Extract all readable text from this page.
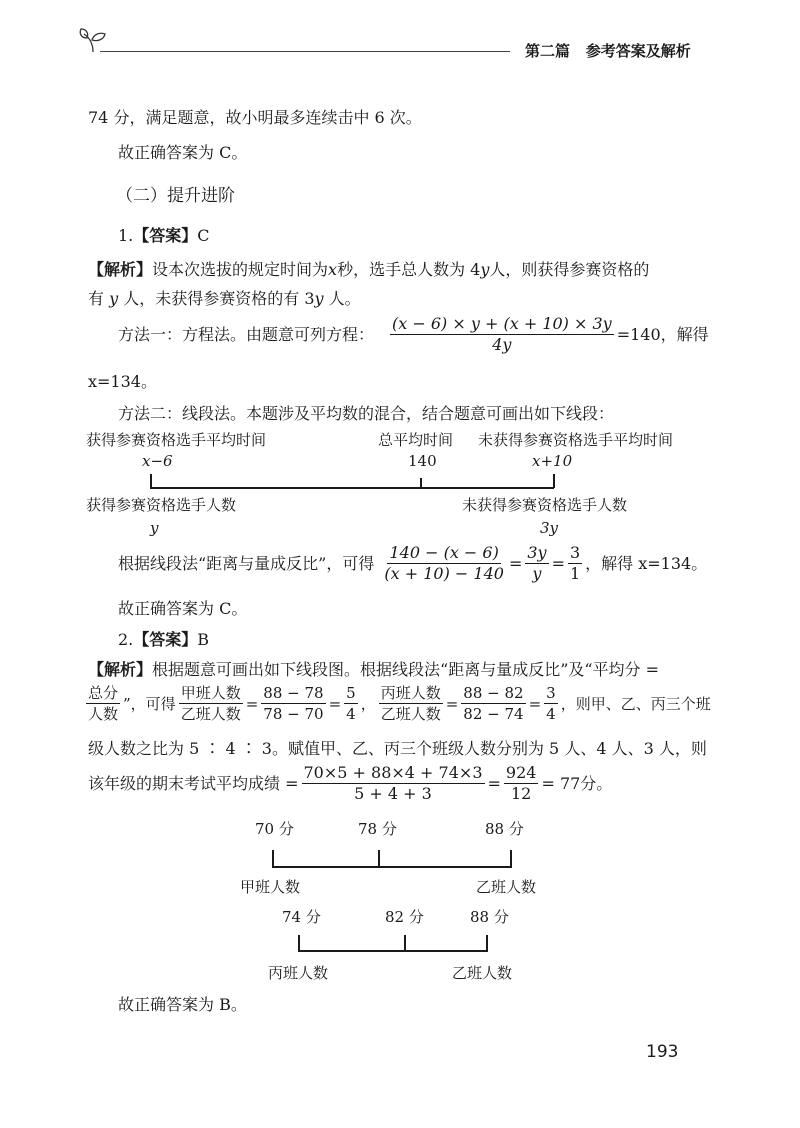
第二篇 参考答案及解析
74 分，满足题意，故小明最多连续击中 6 次。
故正确答案为 C。
（二）提升进阶
1.【答案】C
【解析】设本次选拔的规定时间为x秒，选手总人数为 4y人，则获得参赛资格的
有 y 人，未获得参赛资格的有 3y 人。
方法一：方程法。由题意可列方程： $\frac{(x - 6) \times y + (x + 10) \times 3y}{4y} =140$，解得
x=134。
方法二：线段法。本题涉及平均数的混合，结合题意可画出如下线段：
获得参赛资格选手平均时间	总平均时间 未获得参赛资格选手平均时间
x−6	140	x+10
获得参赛资格选手人数	未获得参赛资格选手人数
y	3y
根据线段法“距离与量成反比”，可得 $\frac{140 - (x - 6)}{(x + 10) - 140} = \frac{3y}{y} = \frac{3}{1}$ ，解得 x=134。
故正确答案为 C。
2.【答案】B
【解析】根据题意可画出如下线段图。根据线段法“距离与量成反比”及“平均分 =
$\frac{\text{总分}}{\text{人数}}$ ”，可得 $\frac{\text{甲班人数}}{\text{乙班人数}} = \frac{88 - 78}{78 - 70} = \frac{5}{4}$ ， $\frac{\text{丙班人数}}{\text{乙班人数}} = \frac{88 - 82}{82 - 74} = \frac{3}{4}$ ，则甲、乙、丙三个班
级人数之比为 5 ∶ 4 ∶ 3。赋值甲、乙、丙三个班级人数分别为 5 人、4 人、3 人，则
该年级的期末考试平均成绩 = $\frac{70\times 5 + 88\times 4 + 74\times 3}{5 + 4 + 3} = \frac{924}{12} = 77$分。
70 分	78 分	88 分
甲班人数	乙班人数
74 分	82 分	88 分
丙班人数	乙班人数
故正确答案为 B。
193
